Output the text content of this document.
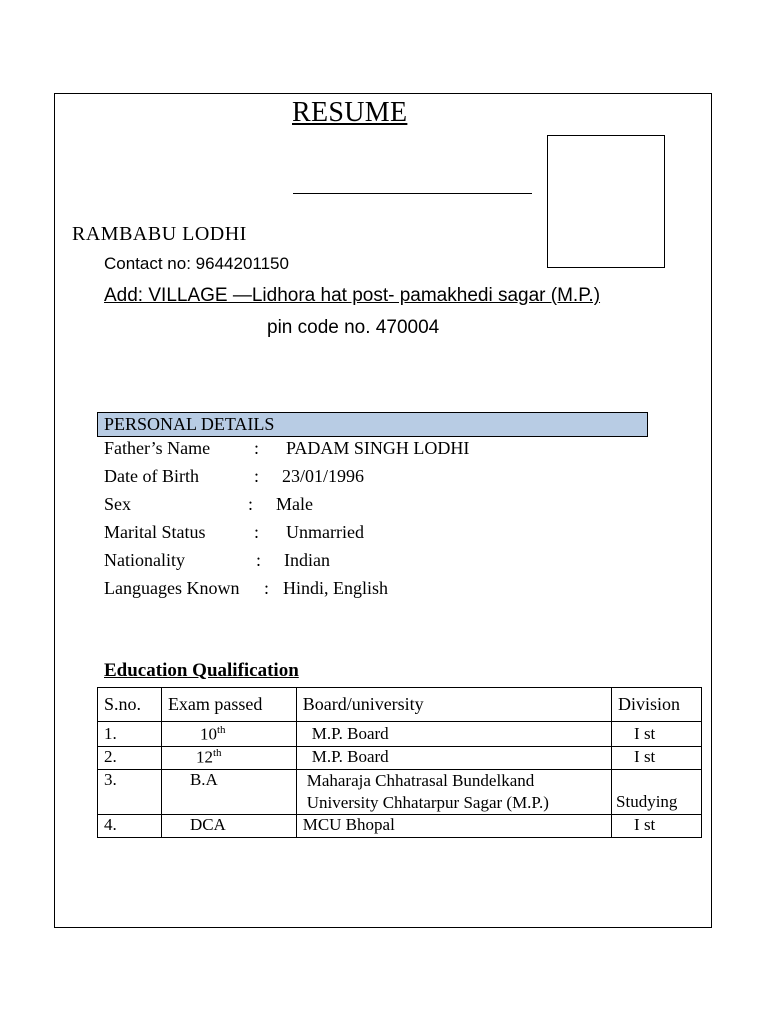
RESUME
RAMBABU LODHI
Contact no: 9644201150
Add: VILLAGE —Lidhora hat post- pamakhedi sagar (M.P.)
pin code no. 470004
PERSONAL DETAILS
Father’s Name : PADAM SINGH LODHI
Date of Birth	: 23/01/1996
Sex	: Male
Marital Status	: Unmarried
Nationality	: Indian
Languages Known : Hindi, English
Education Qualification
S.no.	Exam passed	Board/university	Division
1.	10th	M.P. Board	I st
2.	12th	M.P. Board	I st
3.	B.A	Maharaja Chhatrasal Bundelkand University Chhatarpur Sagar (M.P.)	Studying
4.	DCA	MCU Bhopal	I st
